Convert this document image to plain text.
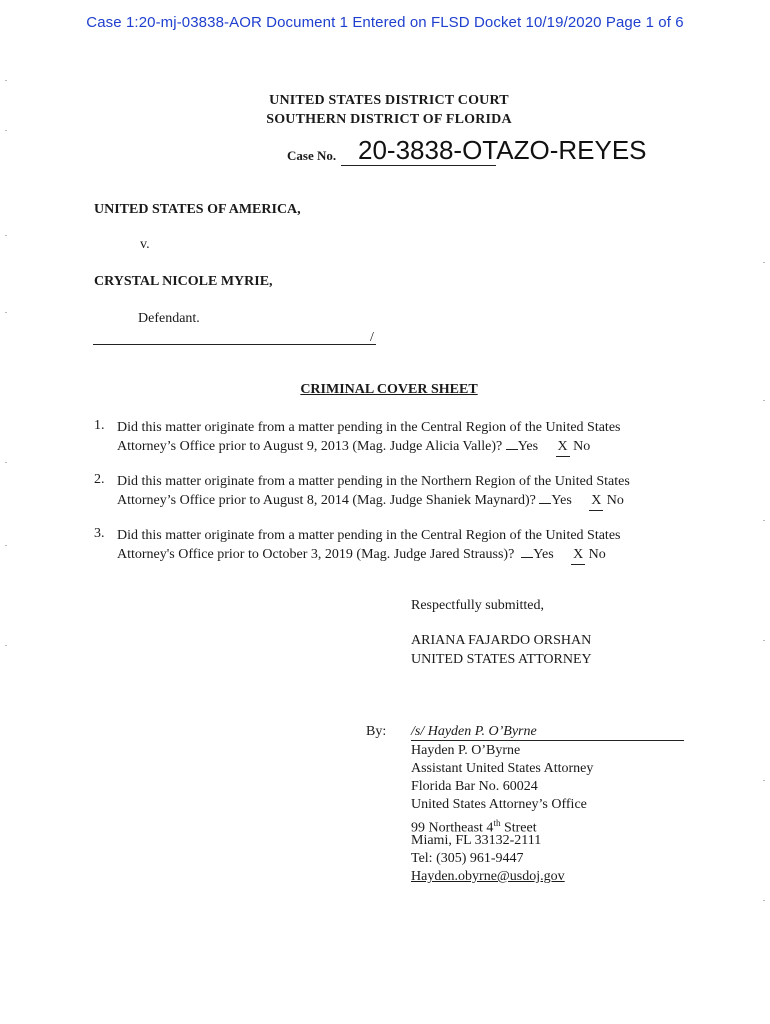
Case 1:20-mj-03838-AOR Document 1 Entered on FLSD Docket 10/19/2020 Page 1 of 6
UNITED STATES DISTRICT COURT
SOUTHERN DISTRICT OF FLORIDA
Case No. 20-3838-OTAZO-REYES
UNITED STATES OF AMERICA,
v.
CRYSTAL NICOLE MYRIE,
Defendant.
/
CRIMINAL COVER SHEET
1. Did this matter originate from a matter pending in the Central Region of the United States
Attorney’s Office prior to August 9, 2013 (Mag. Judge Alicia Valle)? Yes X No
2. Did this matter originate from a matter pending in the Northern Region of the United States
Attorney’s Office prior to August 8, 2014 (Mag. Judge Shaniek Maynard)? Yes X No
3. Did this matter originate from a matter pending in the Central Region of the United States
Attorney's Office prior to October 3, 2019 (Mag. Judge Jared Strauss)? Yes X No
Respectfully submitted,
ARIANA FAJARDO ORSHAN
UNITED STATES ATTORNEY
By: /s/ Hayden P. O’Byrne
Hayden P. O’Byrne
Assistant United States Attorney
Florida Bar No. 60024
United States Attorney’s Office
99 Northeast 4th Street
Miami, FL 33132-2111
Tel: (305) 961-9447
Hayden.obyrne@usdoj.gov
